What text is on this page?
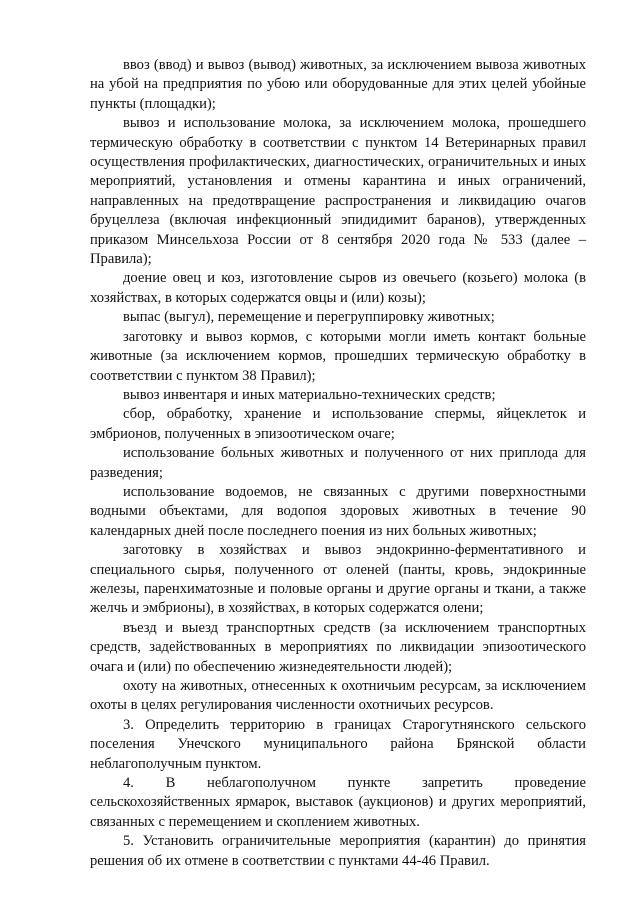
ввоз (ввод) и вывоз (вывод) животных, за исключением вывоза животных на убой на предприятия по убою или оборудованные для этих целей убойные пункты (площадки);

вывоз и использование молока, за исключением молока, прошедшего термическую обработку в соответствии с пунктом 14 Ветеринарных правил осуществления профилактических, диагностических, ограничительных и иных мероприятий, установления и отмены карантина и иных ограничений, направленных на предотвращение распространения и ликвидацию очагов бруцеллеза (включая инфекционный эпидидимит баранов), утвержденных приказом Минсельхоза России от 8 сентября 2020 года № 533 (далее – Правила);

доение овец и коз, изготовление сыров из овечьего (козьего) молока (в хозяйствах, в которых содержатся овцы и (или) козы);

выпас (выгул), перемещение и перегруппировку животных;

заготовку и вывоз кормов, с которыми могли иметь контакт больные животные (за исключением кормов, прошедших термическую обработку в соответствии с пунктом 38 Правил);

вывоз инвентаря и иных материально-технических средств;

сбор, обработку, хранение и использование спермы, яйцеклеток и эмбрионов, полученных в эпизоотическом очаге;

использование больных животных и полученного от них приплода для разведения;

использование водоемов, не связанных с другими поверхностными водными объектами, для водопоя здоровых животных в течение 90 календарных дней после последнего поения из них больных животных;

заготовку в хозяйствах и вывоз эндокринно-ферментативного и специального сырья, полученного от оленей (панты, кровь, эндокринные железы, паренхиматозные и половые органы и другие органы и ткани, а также желчь и эмбрионы), в хозяйствах, в которых содержатся олени;

въезд и выезд транспортных средств (за исключением транспортных средств, задействованных в мероприятиях по ликвидации эпизоотического очага и (или) по обеспечению жизнедеятельности людей);

охоту на животных, отнесенных к охотничьим ресурсам, за исключением охоты в целях регулирования численности охотничьих ресурсов.

3. Определить территорию в границах Старогутнянского сельского поселения Унечского муниципального района Брянской области неблагополучным пунктом.

4. В неблагополучном пункте запретить проведение сельскохозяйственных ярмарок, выставок (аукционов) и других мероприятий, связанных с перемещением и скоплением животных.

5. Установить ограничительные мероприятия (карантин) до принятия решения об их отмене в соответствии с пунктами 44-46 Правил.
